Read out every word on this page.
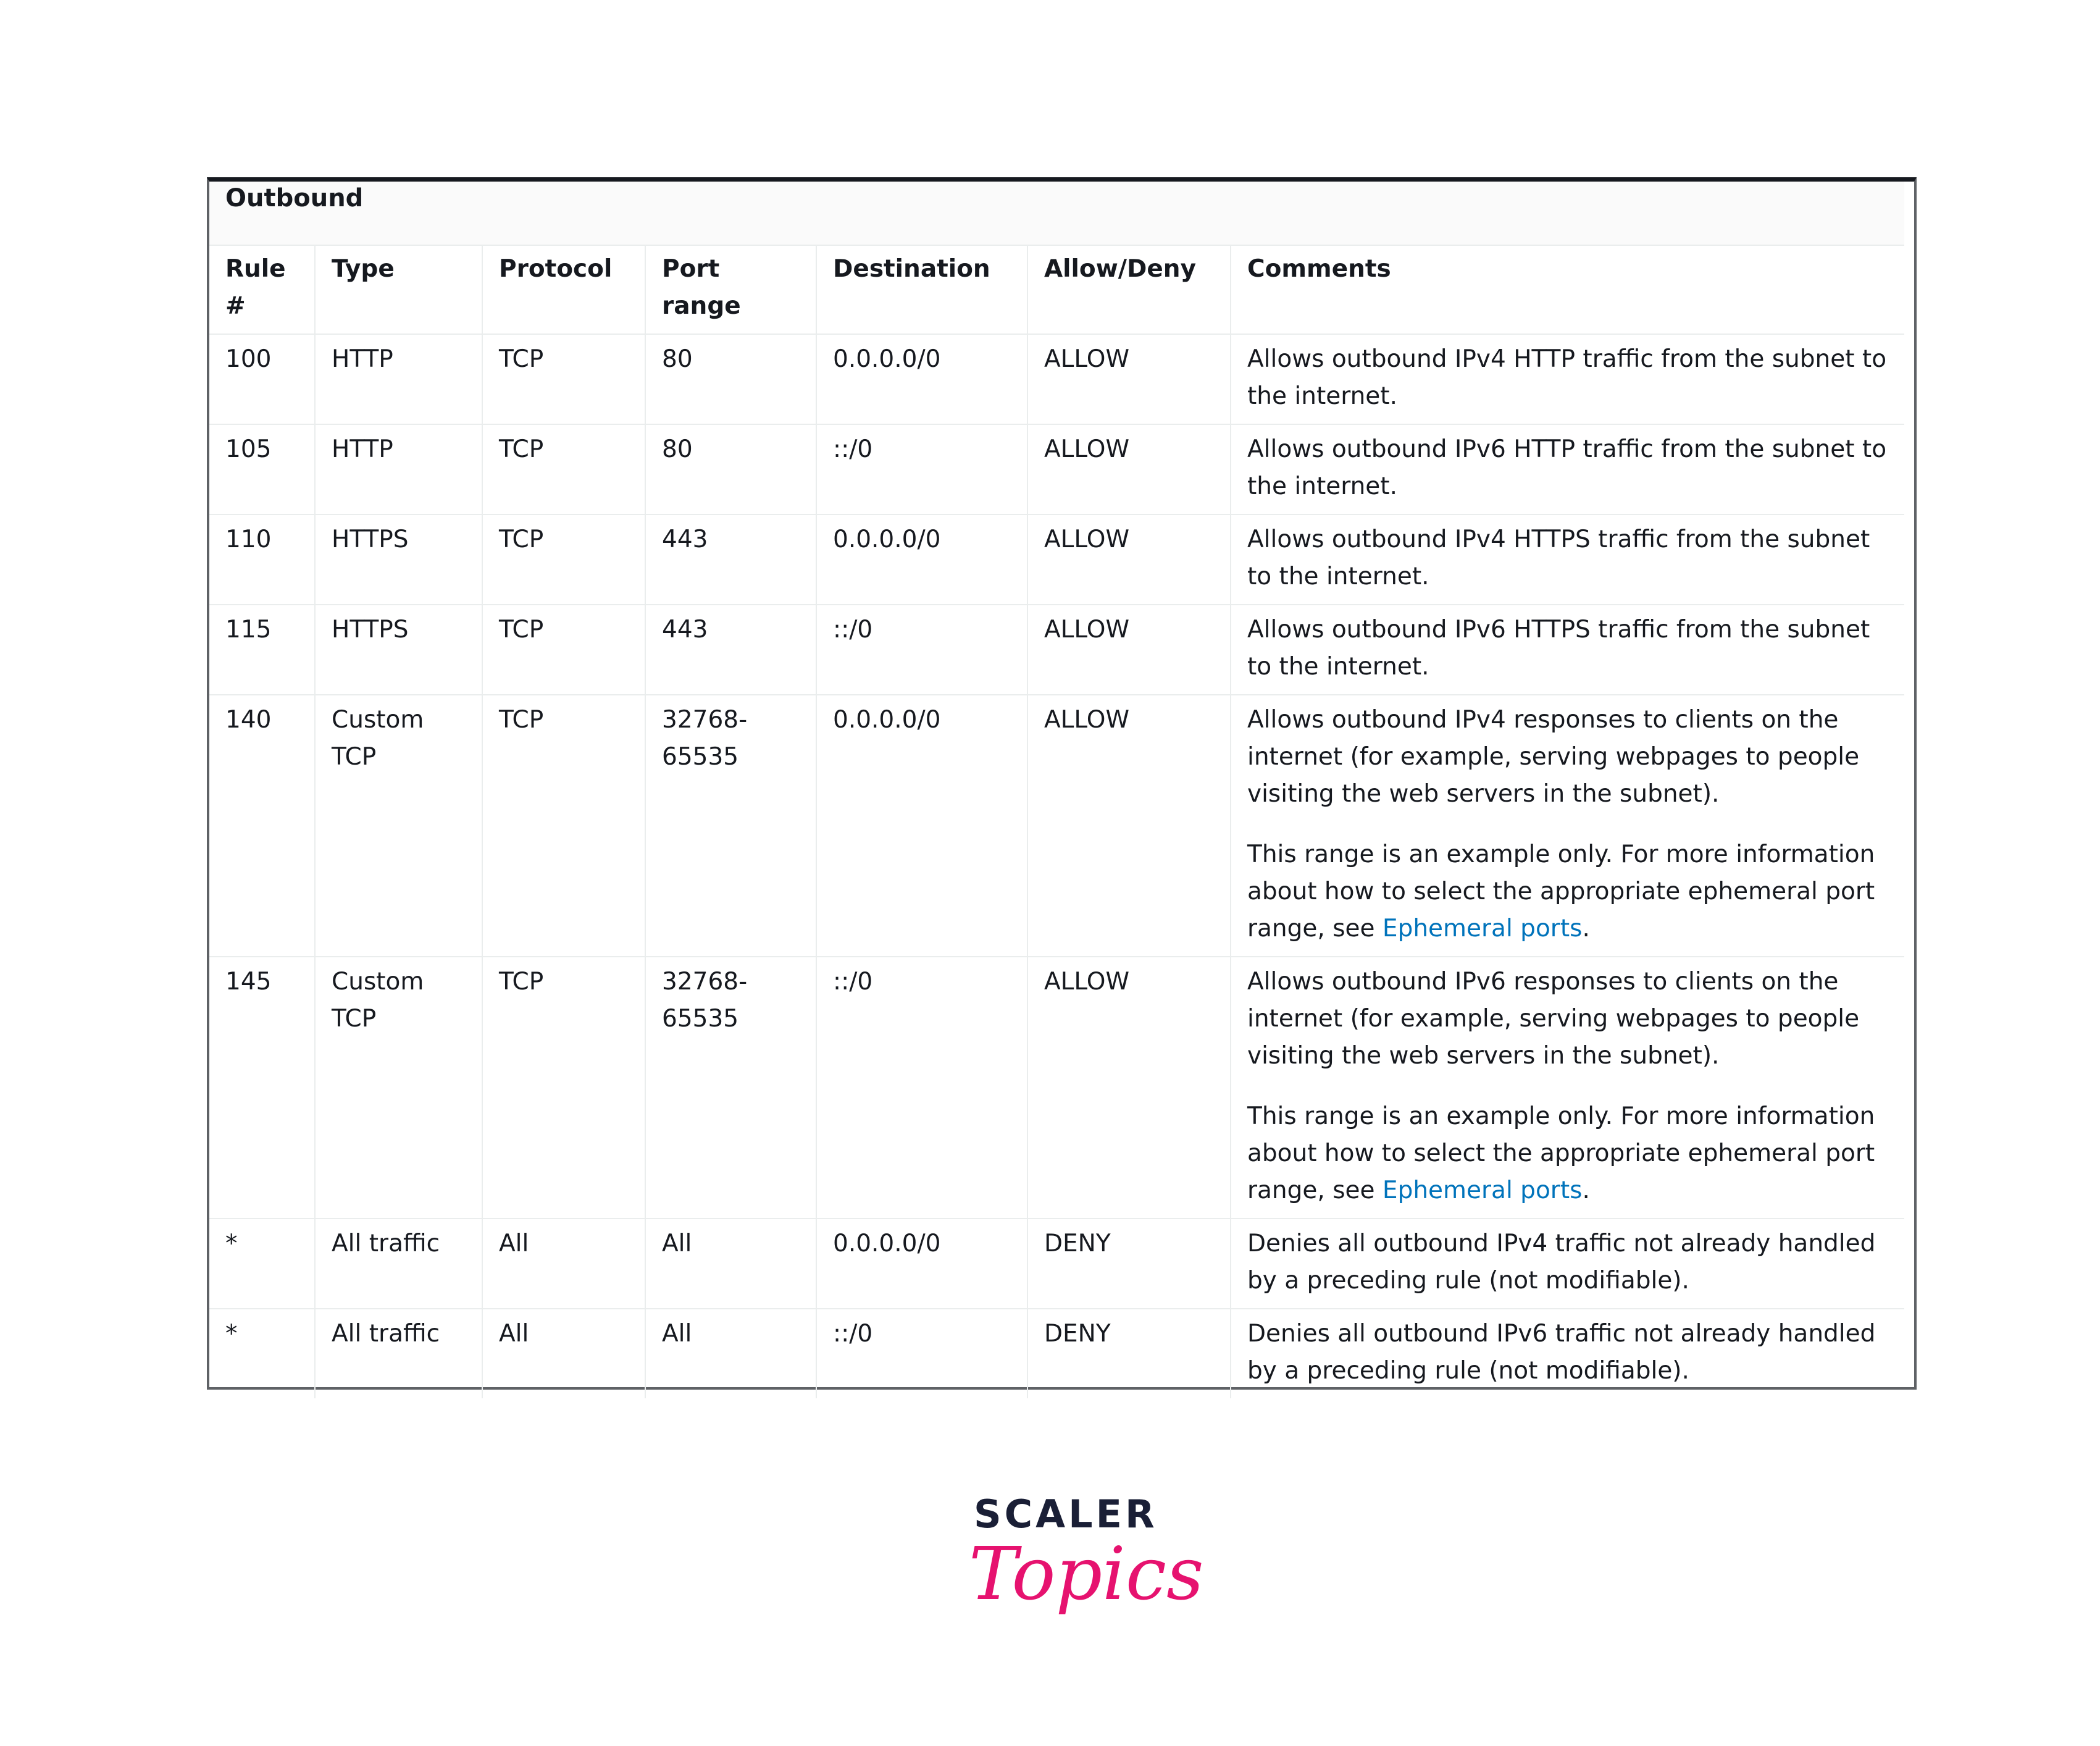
Outbound
Rule #	Type	Protocol	Port range	Destination	Allow/Deny	Comments
100	HTTP	TCP	80	0.0.0.0/0	ALLOW	Allows outbound IPv4 HTTP traffic from the subnet to the internet.

105	HTTP	TCP	80	::/0	ALLOW	Allows outbound IPv6 HTTP traffic from the subnet to the internet.

110	HTTPS	TCP	443	0.0.0.0/0	ALLOW	Allows outbound IPv4 HTTPS traffic from the subnet to the internet.

115	HTTPS	TCP	443	::/0	ALLOW	Allows outbound IPv6 HTTPS traffic from the subnet to the internet.

140	Custom TCP	TCP	32768-65535	0.0.0.0/0	ALLOW	Allows outbound IPv4 responses to clients on the internet (for example, serving webpages to people visiting the web servers in the subnet).

This range is an example only. For more information about how to select the appropriate ephemeral port range, see Ephemeral ports.

145	Custom TCP	TCP	32768-65535	::/0	ALLOW	Allows outbound IPv6 responses to clients on the internet (for example, serving webpages to people visiting the web servers in the subnet).

This range is an example only. For more information about how to select the appropriate ephemeral port range, see Ephemeral ports.

*	All traffic	All	All	0.0.0.0/0	DENY	Denies all outbound IPv4 traffic not already handled by a preceding rule (not modifiable).

*	All traffic	All	All	::/0	DENY	Denies all outbound IPv6 traffic not already handled by a preceding rule (not modifiable).

SCALER
Topics
